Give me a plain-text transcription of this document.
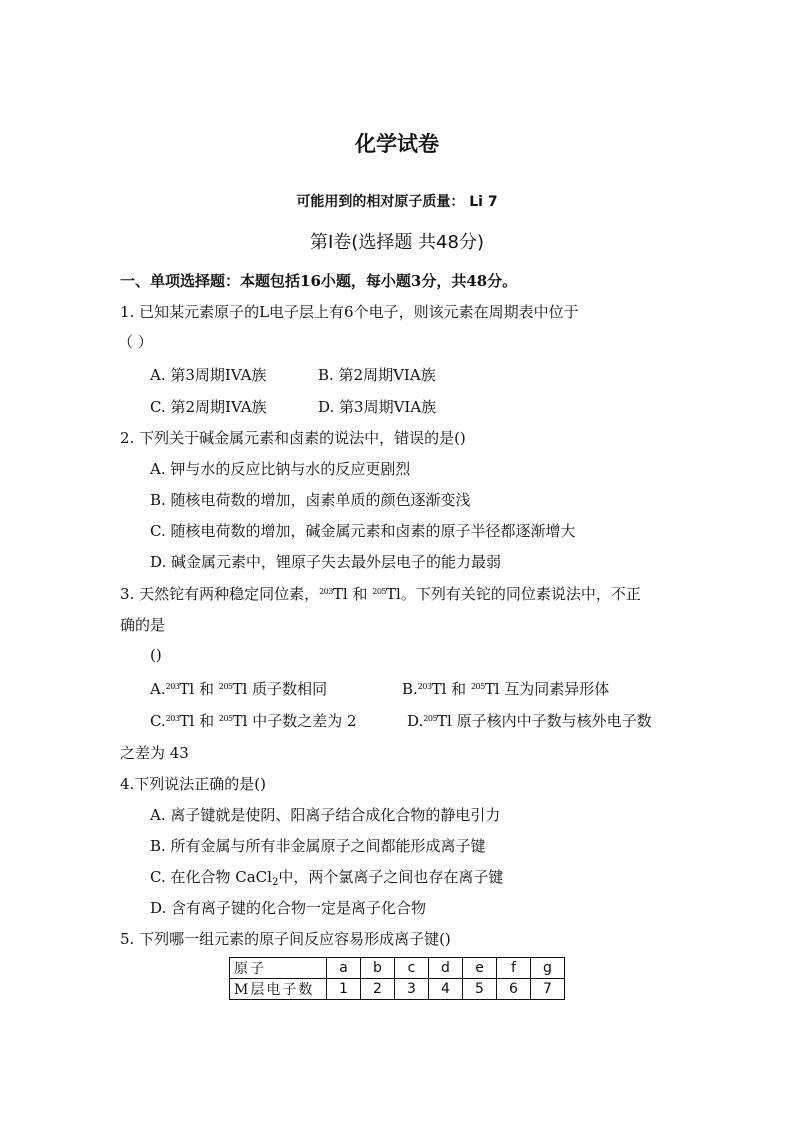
化学试卷
可能用到的相对原子质量： Li 7
第Ⅰ卷(选择题 共48分)
一、单项选择题：本题包括16小题，每小题3分，共48分。
1. 已知某元素原子的L电子层上有6个电子，则该元素在周期表中位于
（ ）
A. 第3周期IVA族	B. 第2周期VIA族
C. 第2周期IVA族	D. 第3周期VIA族
2. 下列关于碱金属元素和卤素的说法中，错误的是()
A. 钾与水的反应比钠与水的反应更剧烈
B. 随核电荷数的增加，卤素单质的颜色逐渐变浅
C. 随核电荷数的增加，碱金属元素和卤素的原子半径都逐渐增大
D. 碱金属元素中，锂原子失去最外层电子的能力最弱
3. 天然铊有两种稳定同位素，$^{203}$Tl 和 $^{205}$Tl。下列有关铊的同位素说法中，不正
确的是
()
A.$^{203}$Tl 和 $^{205}$Tl 质子数相同	B.$^{203}$Tl 和 $^{205}$Tl 互为同素异形体
C.$^{203}$Tl 和 $^{205}$Tl 中子数之差为 2	D.$^{205}$Tl 原子核内中子数与核外电子数
之差为 43
4.下列说法正确的是()
A. 离子键就是使阴、阳离子结合成化合物的静电引力
B. 所有金属与所有非金属原子之间都能形成离子键
C. 在化合物 CaCl$_2$中，两个氯离子之间也存在离子键
D. 含有离子键的化合物一定是离子化合物
5. 下列哪一组元素的原子间反应容易形成离子键()
原子	a	b	c	d	e	f	g
M层电子数	1	2	3	4	5	6	7
